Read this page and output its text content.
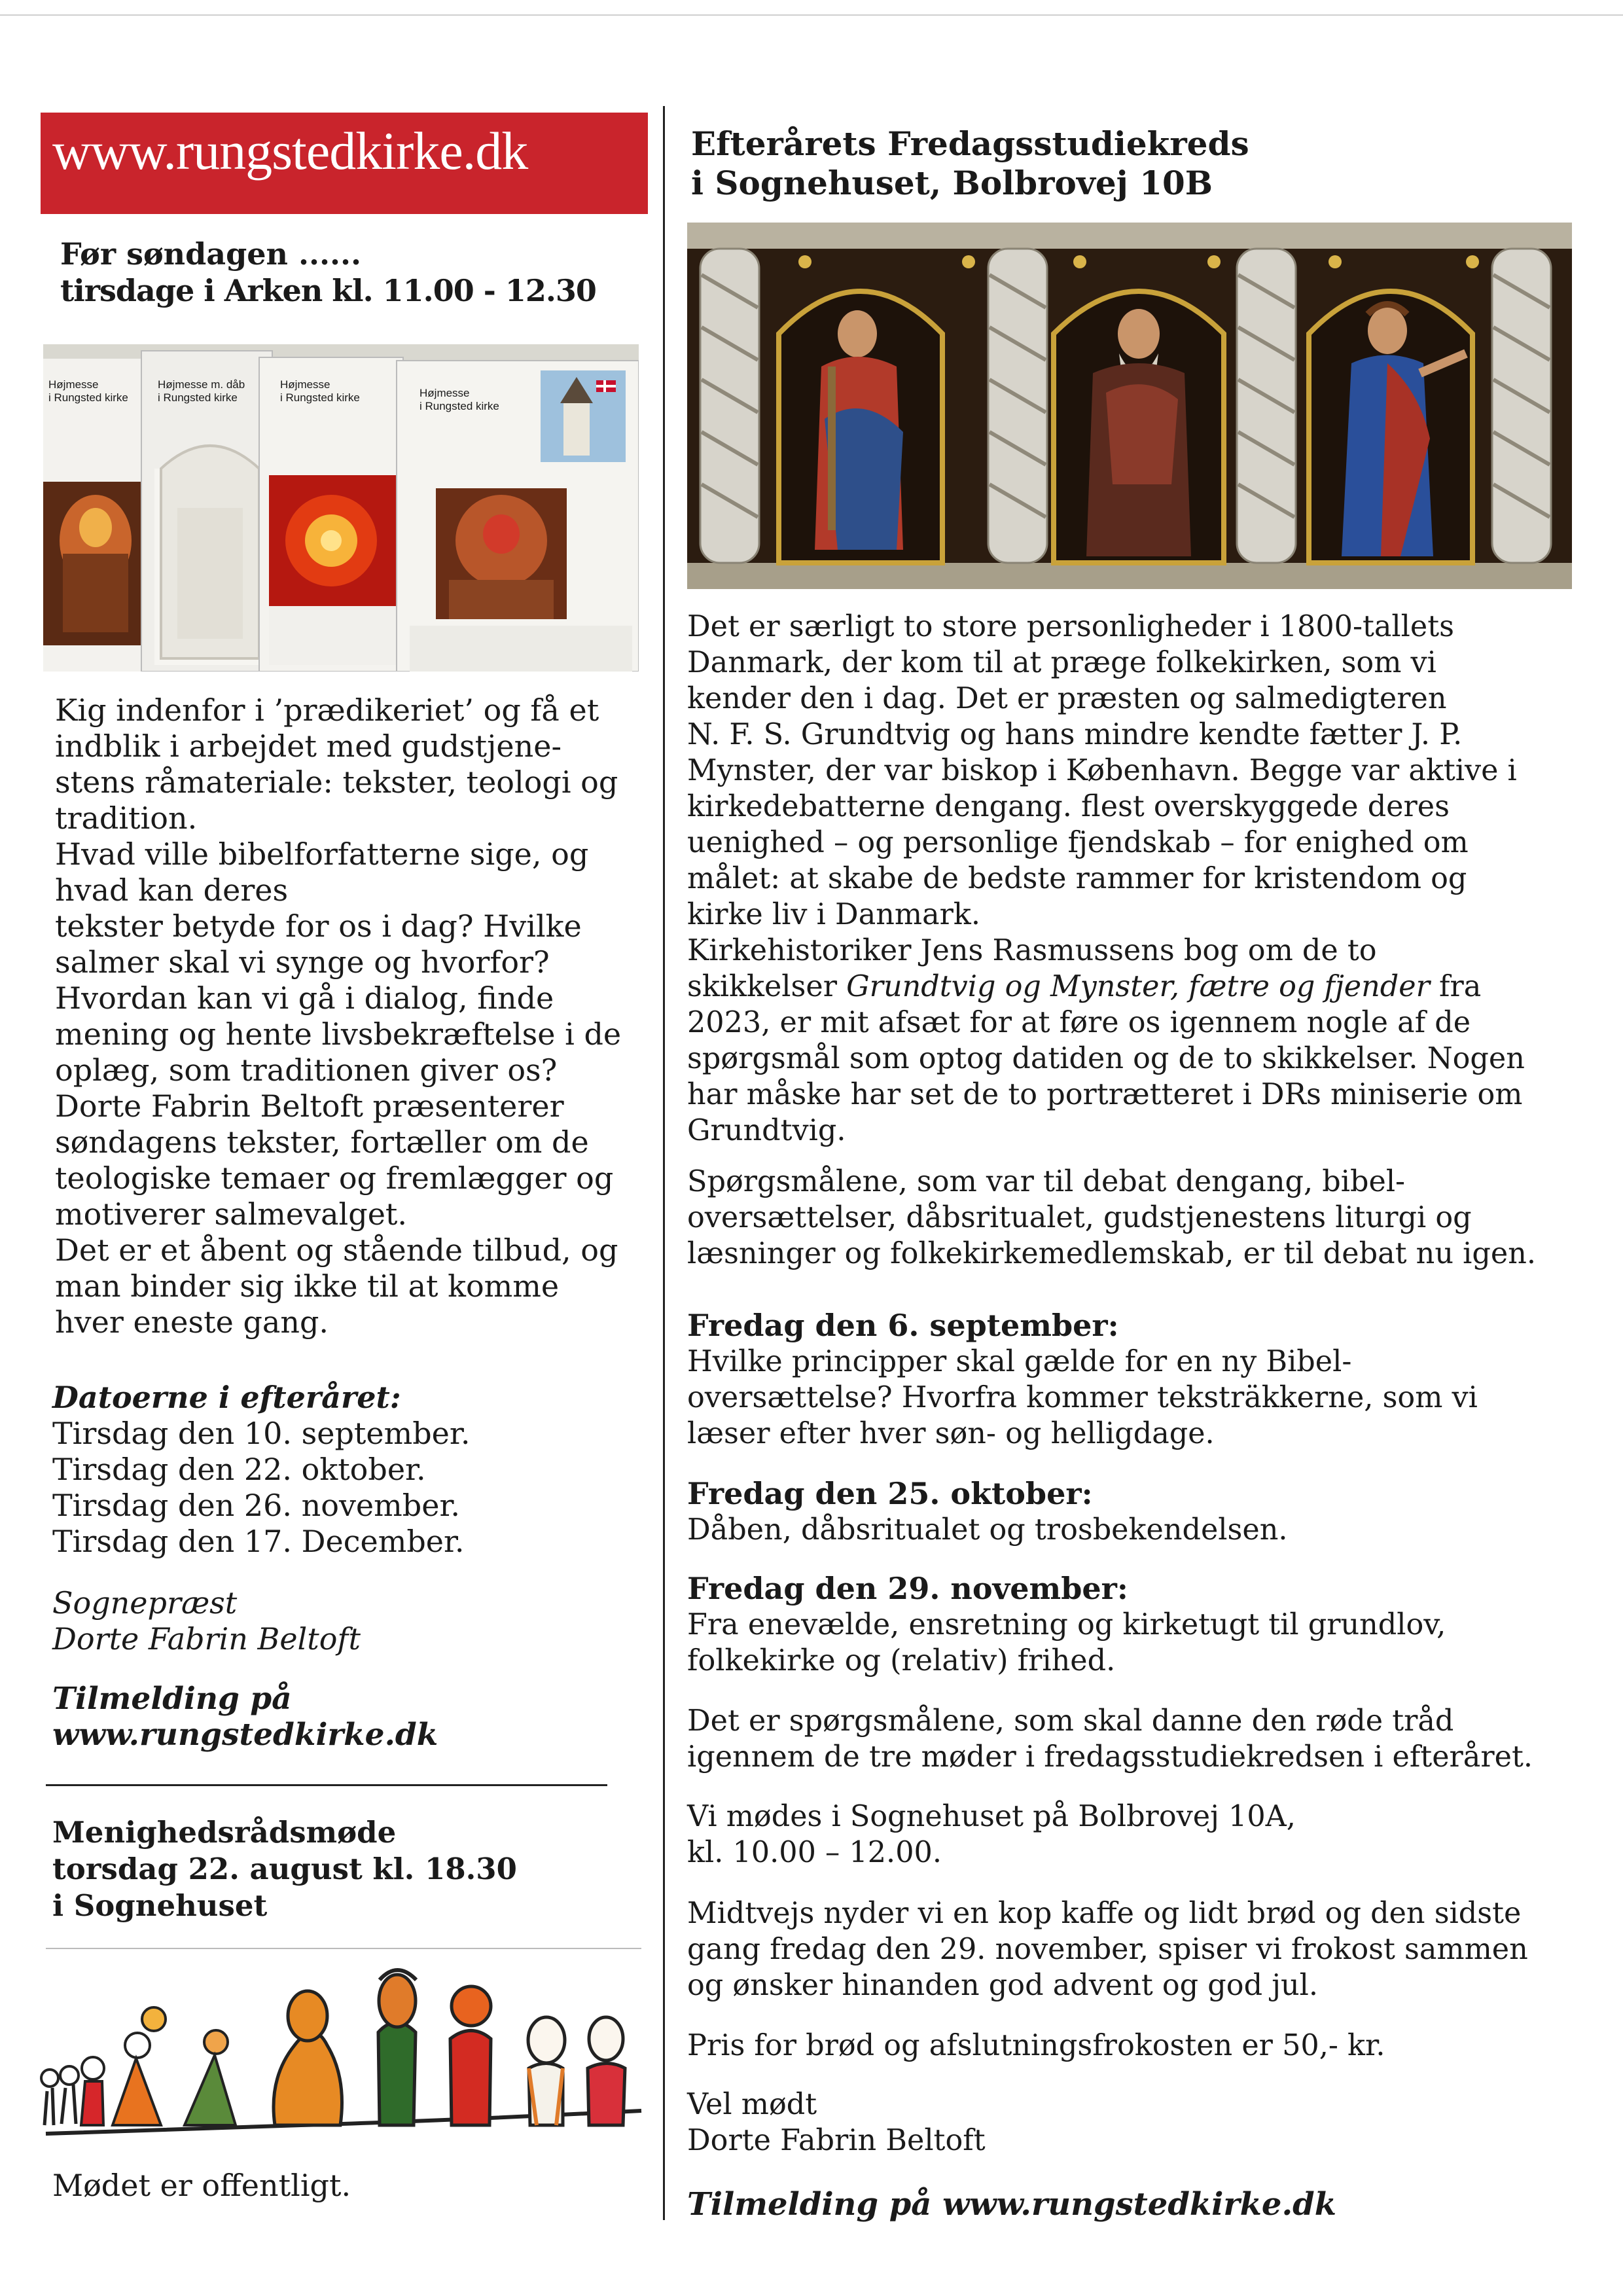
www.rungstedkirke.dk
Før søndagen ......
tirsdage i Arken kl. 11.00 - 12.30
Højmesse
i Rungsted kirke
Højmesse m. dåb
i Rungsted kirke
Højmesse
i Rungsted kirke	Højmesse
i Rungsted kirke

Kig indenfor i ’prædikeriet’ og få et

indblik i arbejdet med gudstjene-

stens råmateriale: tekster, teologi og

tradition.

Hvad ville bibelforfatterne sige, og

hvad kan deres

tekster betyde for os i dag? Hvilke

salmer skal vi synge og hvorfor?

Hvordan kan vi gå i dialog, finde

mening og hente livsbekræftelse i de

oplæg, som traditionen giver os?

Dorte Fabrin Beltoft præsenterer

søndagens tekster, fortæller om de

teologiske temaer og fremlægger og

motiverer salmevalget.

Det er et åbent og stående tilbud, og

man binder sig ikke til at komme

hver eneste gang.

Datoerne i efteråret:

Tirsdag den 10. september.

Tirsdag den 22. oktober.

Tirsdag den 26. november.

Tirsdag den 17. December.

Sognepræst

Dorte Fabrin Beltoft

Tilmelding på

www.rungstedkirke.dk

Menighedsrådsmøde
torsdag 22. august kl. 18.30
i Sognehuset
Mødet er offentligt.
Efterårets Fredagsstudiekreds
i Sognehuset, Bolbrovej 10B
Det er særligt to store personligheder i 1800-tallets
Danmark, der kom til at præge folkekirken, som vi
kender den i dag. Det er præsten og salmedigteren
N. F. S. Grundtvig og hans mindre kendte fætter J. P.
Mynster, der var biskop i København. Begge var aktive i
kirkedebatterne dengang. flest overskyggede deres
uenighed – og personlige fjendskab – for enighed om
målet: at skabe de bedste rammer for kristendom og
kirke liv i Danmark.
Kirkehistoriker Jens Rasmussens bog om de to
skikkelser Grundtvig og Mynster, fætre og fjender fra
2023, er mit afsæt for at føre os igennem nogle af de
spørgsmål som optog datiden og de to skikkelser. Nogen
har måske har set de to portrætteret i DRs miniserie om
Grundtvig.
Spørgsmålene, som var til debat dengang, bibel-
oversættelser, dåbsritualet, gudstjenestens liturgi og
læsninger og folkekirkemedlemskab, er til debat nu igen.
Fredag den 6. september:
Hvilke principper skal gælde for en ny Bibel-
oversættelse? Hvorfra kommer teksträkkerne, som vi
læser efter hver søn- og helligdage.
Fredag den 25. oktober:
Dåben, dåbsritualet og trosbekendelsen.
Fredag den 29. november:
Fra enevælde, ensretning og kirketugt til grundlov,
folkekirke og (relativ) frihed.
Det er spørgsmålene, som skal danne den røde tråd
igennem de tre møder i fredagsstudiekredsen i efteråret.
Vi mødes i Sognehuset på Bolbrovej 10A,
kl. 10.00 – 12.00.
Midtvejs nyder vi en kop kaffe og lidt brød og den sidste
gang fredag den 29. november, spiser vi frokost sammen
og ønsker hinanden god advent og god jul.
Pris for brød og afslutningsfrokosten er 50,- kr.
Vel mødt
Dorte Fabrin Beltoft
Tilmelding på www.rungstedkirke.dk
